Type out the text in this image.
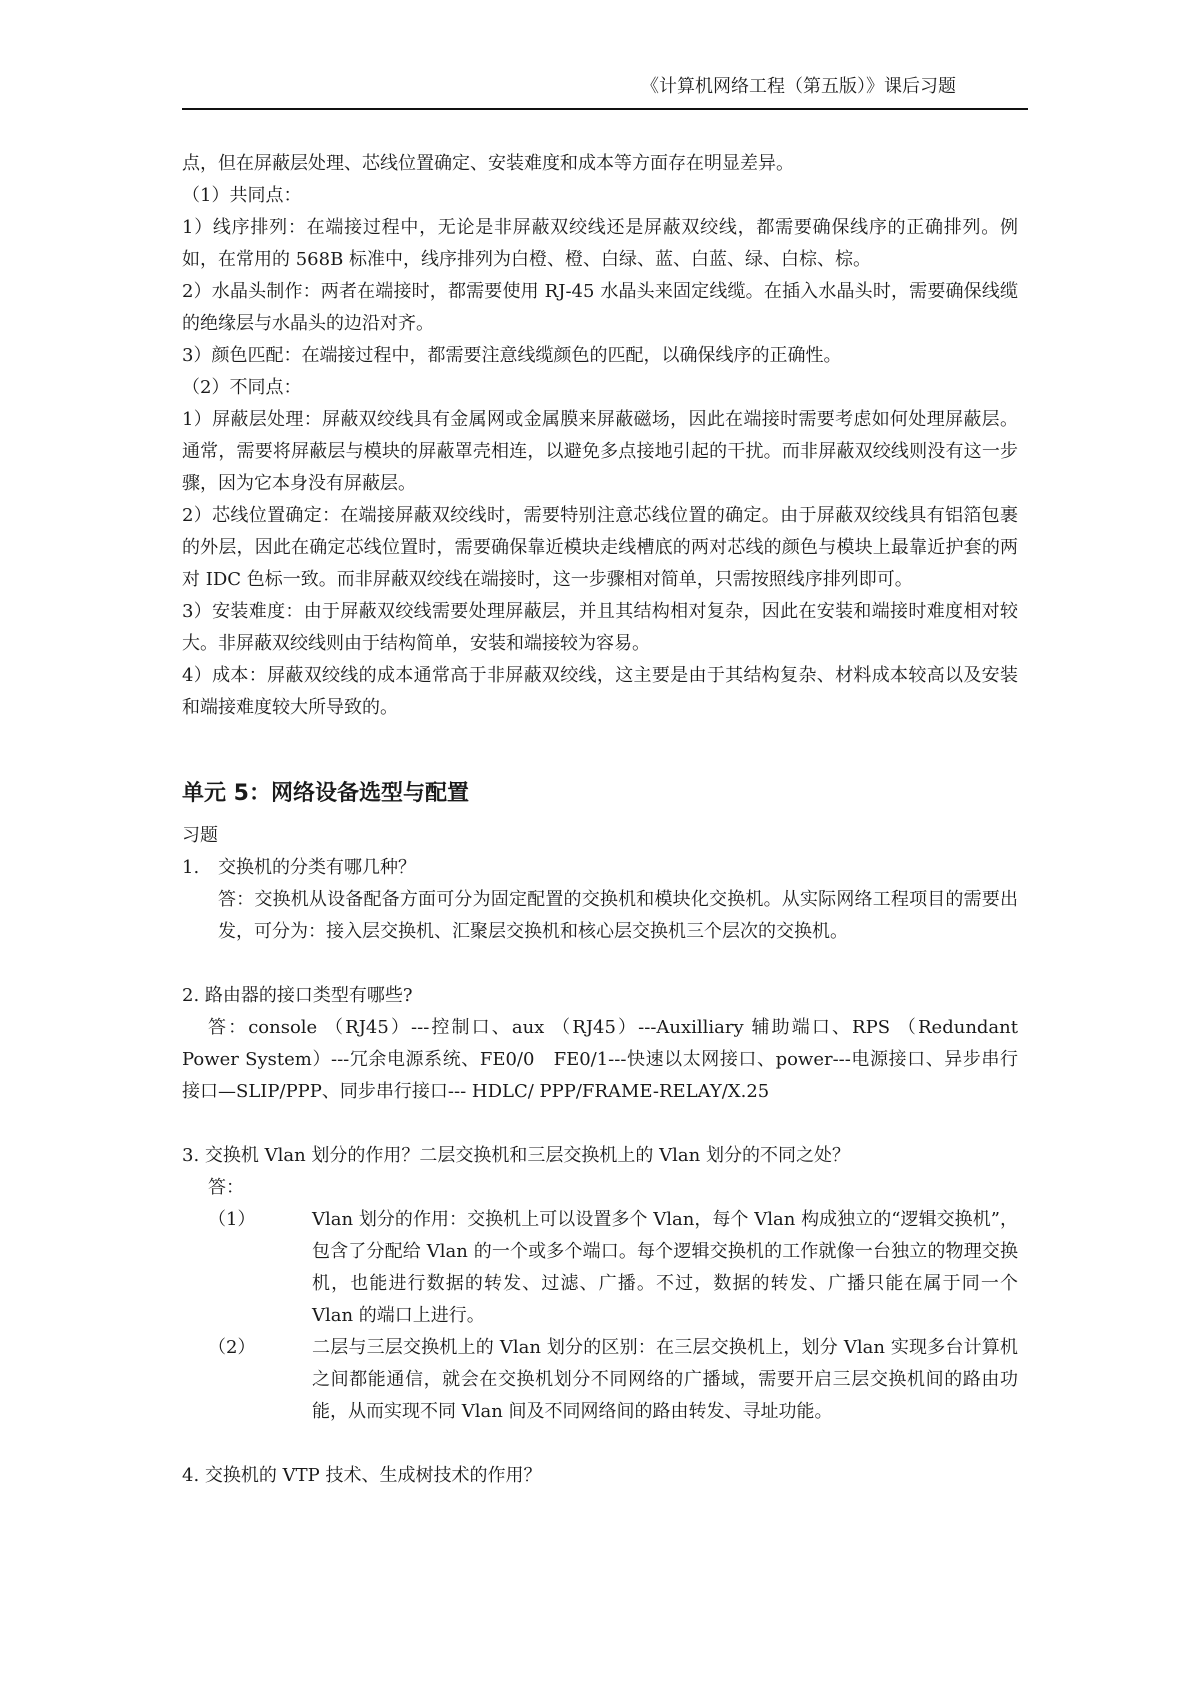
《计算机网络工程（第五版）》课后习题

点，但在屏蔽层处理、芯线位置确定、安装难度和成本等方面存在明显差异。

（1）共同点：

1）线序排列：在端接过程中，无论是非屏蔽双绞线还是屏蔽双绞线，都需要确保线序的正确排列。例如，在常用的 568B 标准中，线序排列为白橙、橙、白绿、蓝、白蓝、绿、白棕、棕。

2）水晶头制作：两者在端接时，都需要使用 RJ-45 水晶头来固定线缆。在插入水晶头时，需要确保线缆的绝缘层与水晶头的边沿对齐。

3）颜色匹配：在端接过程中，都需要注意线缆颜色的匹配，以确保线序的正确性。

（2）不同点：

1）屏蔽层处理：屏蔽双绞线具有金属网或金属膜来屏蔽磁场，因此在端接时需要考虑如何处理屏蔽层。通常，需要将屏蔽层与模块的屏蔽罩壳相连，以避免多点接地引起的干扰。而非屏蔽双绞线则没有这一步骤，因为它本身没有屏蔽层。

2）芯线位置确定：在端接屏蔽双绞线时，需要特别注意芯线位置的确定。由于屏蔽双绞线具有铝箔包裹的外层，因此在确定芯线位置时，需要确保靠近模块走线槽底的两对芯线的颜色与模块上最靠近护套的两对 IDC 色标一致。而非屏蔽双绞线在端接时，这一步骤相对简单，只需按照线序排列即可。

3）安装难度：由于屏蔽双绞线需要处理屏蔽层，并且其结构相对复杂，因此在安装和端接时难度相对较大。非屏蔽双绞线则由于结构简单，安装和端接较为容易。

4）成本：屏蔽双绞线的成本通常高于非屏蔽双绞线，这主要是由于其结构复杂、材料成本较高以及安装和端接难度较大所导致的。

单元 5：网络设备选型与配置

习题

1. 交换机的分类有哪几种？

答：交换机从设备配备方面可分为固定配置的交换机和模块化交换机。从实际网络工程项目的需要出发，可分为：接入层交换机、汇聚层交换机和核心层交换机三个层次的交换机。

2. 路由器的接口类型有哪些?

答：console （RJ45）---控制口、aux （RJ45）---Auxilliary 辅助端口、RPS （Redundant Power System）---冗余电源系统、FE0/0　FE0/1---快速以太网接口、power---电源接口、异步串行接口—SLIP/PPP、同步串行接口--- HDLC/ PPP/FRAME-RELAY/X.25

3. 交换机 Vlan 划分的作用？二层交换机和三层交换机上的 Vlan 划分的不同之处？

答：

（1）	Vlan 划分的作用：交换机上可以设置多个 Vlan，每个 Vlan 构成独立的“逻辑交换机”，包含了分配给 Vlan 的一个或多个端口。每个逻辑交换机的工作就像一台独立的物理交换机，也能进行数据的转发、过滤、广播。不过，数据的转发、广播只能在属于同一个 Vlan 的端口上进行。
（2）	二层与三层交换机上的 Vlan 划分的区别：在三层交换机上，划分 Vlan 实现多台计算机之间都能通信，就会在交换机划分不同网络的广播域，需要开启三层交换机间的路由功能，从而实现不同 Vlan 间及不同网络间的路由转发、寻址功能。

4. 交换机的 VTP 技术、生成树技术的作用？
